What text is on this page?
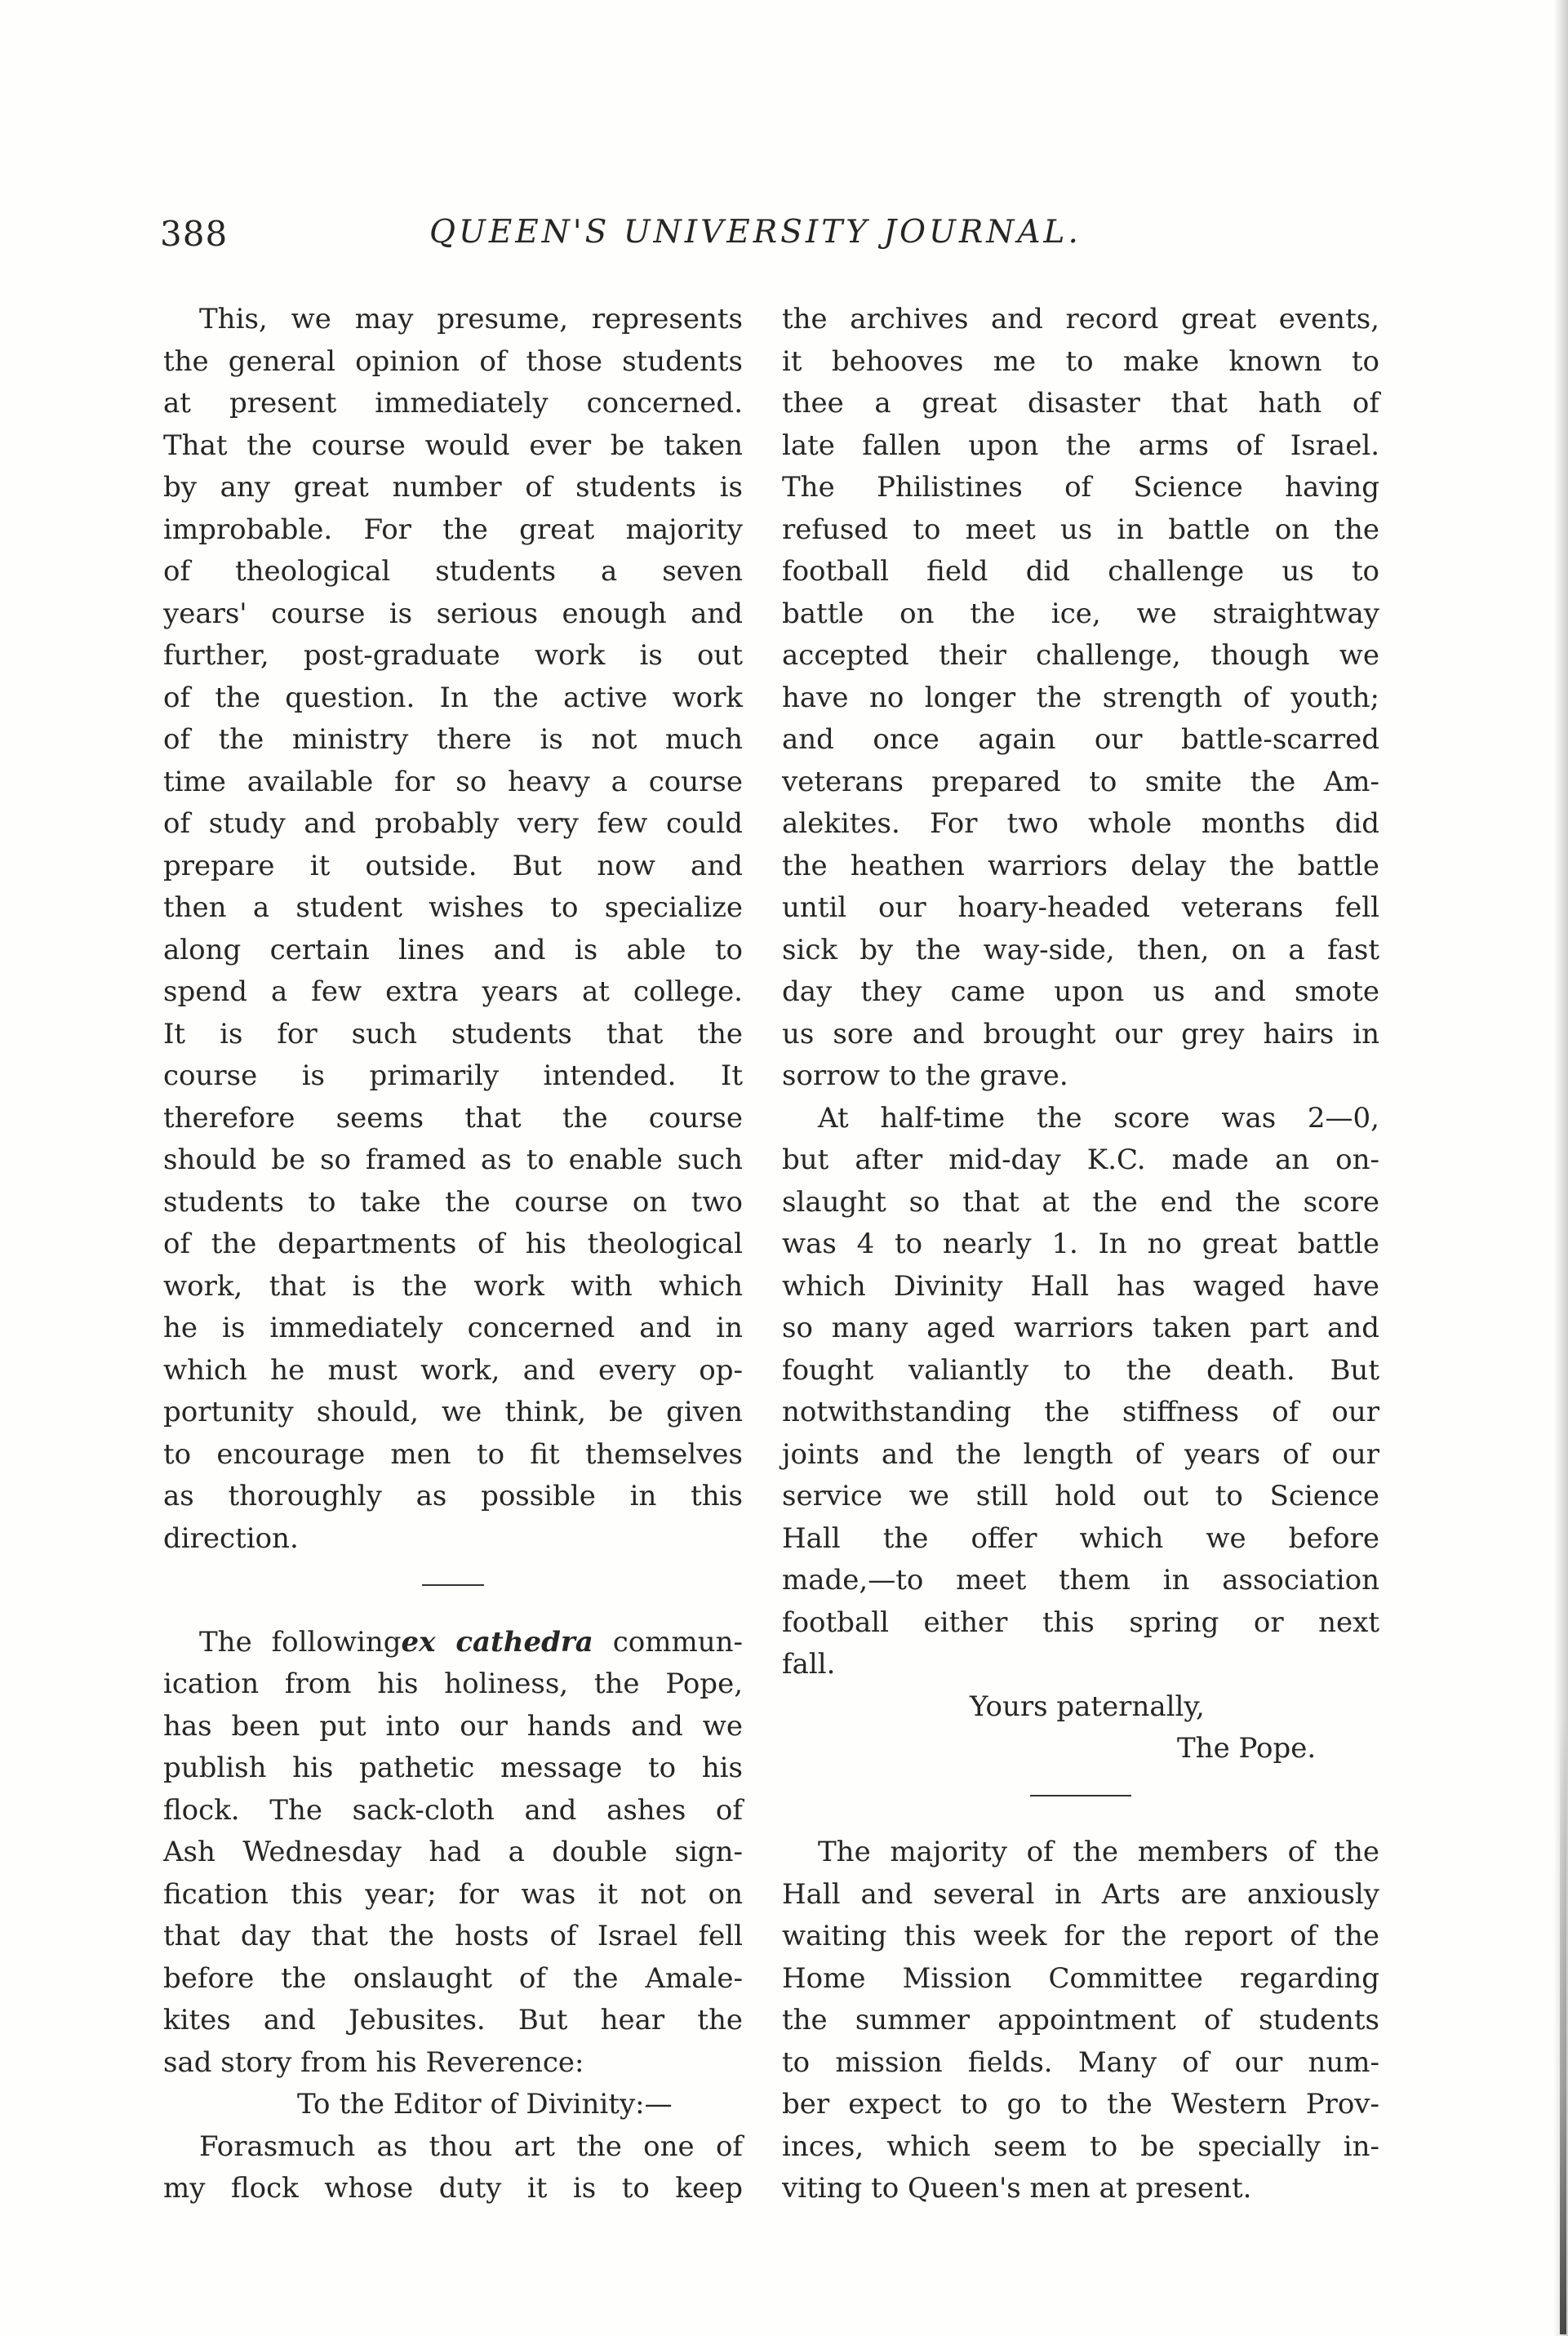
388	QUEEN'S UNIVERSITY JOURNAL.
This, we may presume, represents
the general opinion of those students
at present immediately concerned.
That the course would ever be taken
by any great number of students is
improbable. For the great majority
of theological students a seven
years' course is serious enough and
further, post-graduate work is out
of the question. In the active work
of the ministry there is not much
time available for so heavy a course
of study and probably very few could
prepare it outside. But now and
then a student wishes to specialize
along certain lines and is able to
spend a few extra years at college.
It is for such students that the
course is primarily intended. It
therefore seems that the course
should be so framed as to enable such
students to take the course on two
of the departments of his theological
work, that is the work with which
he is immediately concerned and in
which he must work, and every op-
portunity should, we think, be given
to encourage men to fit themselves
as thoroughly as possible in this
direction.
The followingex cathedra commun-
ication from his holiness, the Pope,
has been put into our hands and we
publish his pathetic message to his
flock. The sack-cloth and ashes of
Ash Wednesday had a double sign-
fication this year; for was it not on
that day that the hosts of Israel fell
before the onslaught of the Amale-
kites and Jebusites. But hear the
sad story from his Reverence:
To the Editor of Divinity:—
Forasmuch as thou art the one of
my flock whose duty it is to keep
the archives and record great events,
it behooves me to make known to
thee a great disaster that hath of
late fallen upon the arms of Israel.
The Philistines of Science having
refused to meet us in battle on the
football field did challenge us to
battle on the ice, we straightway
accepted their challenge, though we
have no longer the strength of youth;
and once again our battle-scarred
veterans prepared to smite the Am-
alekites. For two whole months did
the heathen warriors delay the battle
until our hoary-headed veterans fell
sick by the way-side, then, on a fast
day they came upon us and smote
us sore and brought our grey hairs in
sorrow to the grave.
At half-time the score was 2—0,
but after mid-day K.C. made an on-
slaught so that at the end the score
was 4 to nearly 1. In no great battle
which Divinity Hall has waged have
so many aged warriors taken part and
fought valiantly to the death. But
notwithstanding the stiffness of our
joints and the length of years of our
service we still hold out to Science
Hall the offer which we before
made,—to meet them in association
football either this spring or next
fall.
Yours paternally,
The Pope.
The majority of the members of the
Hall and several in Arts are anxiously
waiting this week for the report of the
Home Mission Committee regarding
the summer appointment of students
to mission fields. Many of our num-
ber expect to go to the Western Prov-
inces, which seem to be specially in-
viting to Queen's men at present.
